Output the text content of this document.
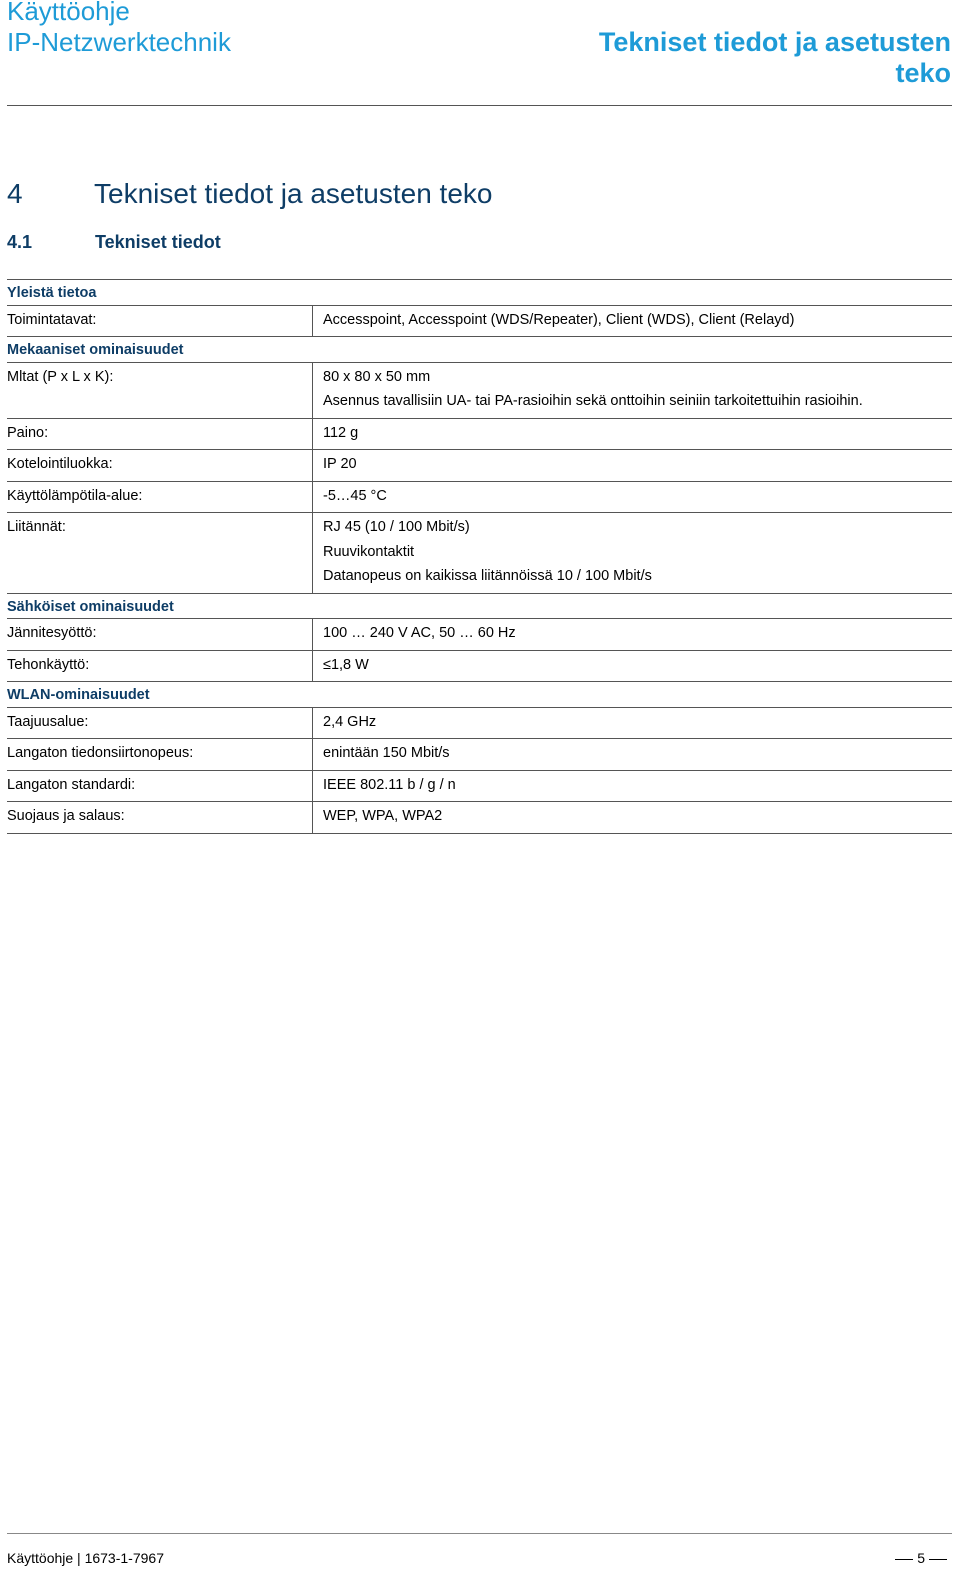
Käyttöohje
IP-Netzwerktechnik	Tekniset tiedot ja asetusten
teko
4	Tekniset tiedot ja asetusten teko
4.1	Tekniset tiedot
Yleistä tietoa
Toimintatavat:	Accesspoint, Accesspoint (WDS/Repeater), Client (WDS), Client (Relayd)
Mekaaniset ominaisuudet
Mltat (P x L x K):	80 x 80 x 50 mm
Asennus tavallisiin UA- tai PA-rasioihin sekä onttoihin seiniin tarkoitettuihin rasioihin.
Paino:	112 g
Kotelointiluokka:	IP 20
Käyttölämpötila-alue:	-5…45 °C
Liitännät:	RJ 45 (10 / 100 Mbit/s)
Ruuvikontaktit
Datanopeus on kaikissa liitännöissä 10 / 100 Mbit/s
Sähköiset ominaisuudet
Jännitesyöttö:	100 … 240 V AC, 50 … 60 Hz
Tehonkäyttö:	≤1,8 W
WLAN-ominaisuudet
Taajuusalue:	2,4 GHz
Langaton tiedonsiirtonopeus:	enintään 150 Mbit/s
Langaton standardi:	IEEE 802.11 b / g / n
Suojaus ja salaus:	WEP, WPA, WPA2
Käyttöohje | 1673-1-7967	5
